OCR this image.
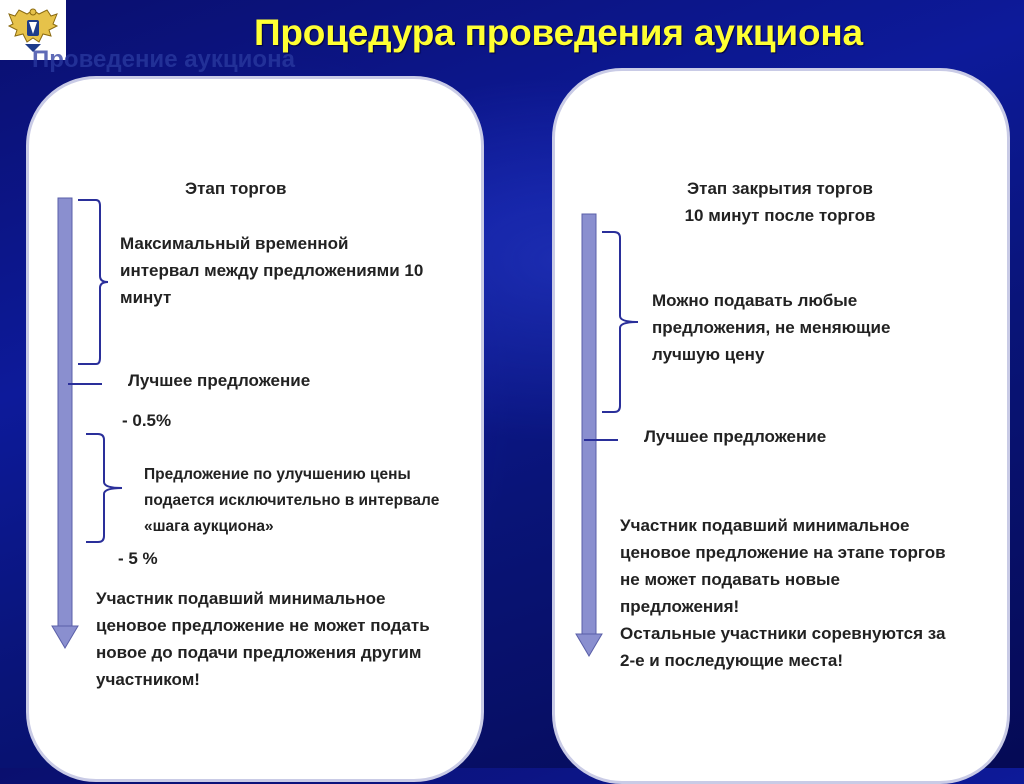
Проведение аукциона
Процедура проведения аукциона
Этап торгов
Максимальный временной
интервал между предложениями 10
минут
Лучшее предложение
- 0.5%
Предложение по улучшению цены
подается исключительно в интервале
«шага аукциона»
- 5 %
Участник подавший минимальное
ценовое предложение не может подать
новое до подачи предложения другим
участником!
Этап закрытия торгов
10 минут после торгов
Можно подавать любые
предложения, не меняющие
лучшую цену
Лучшее предложение
Участник подавший минимальное
ценовое предложение на этапе торгов
не может подавать новые
предложения!
Остальные участники соревнуются за
2-е и последующие места!
